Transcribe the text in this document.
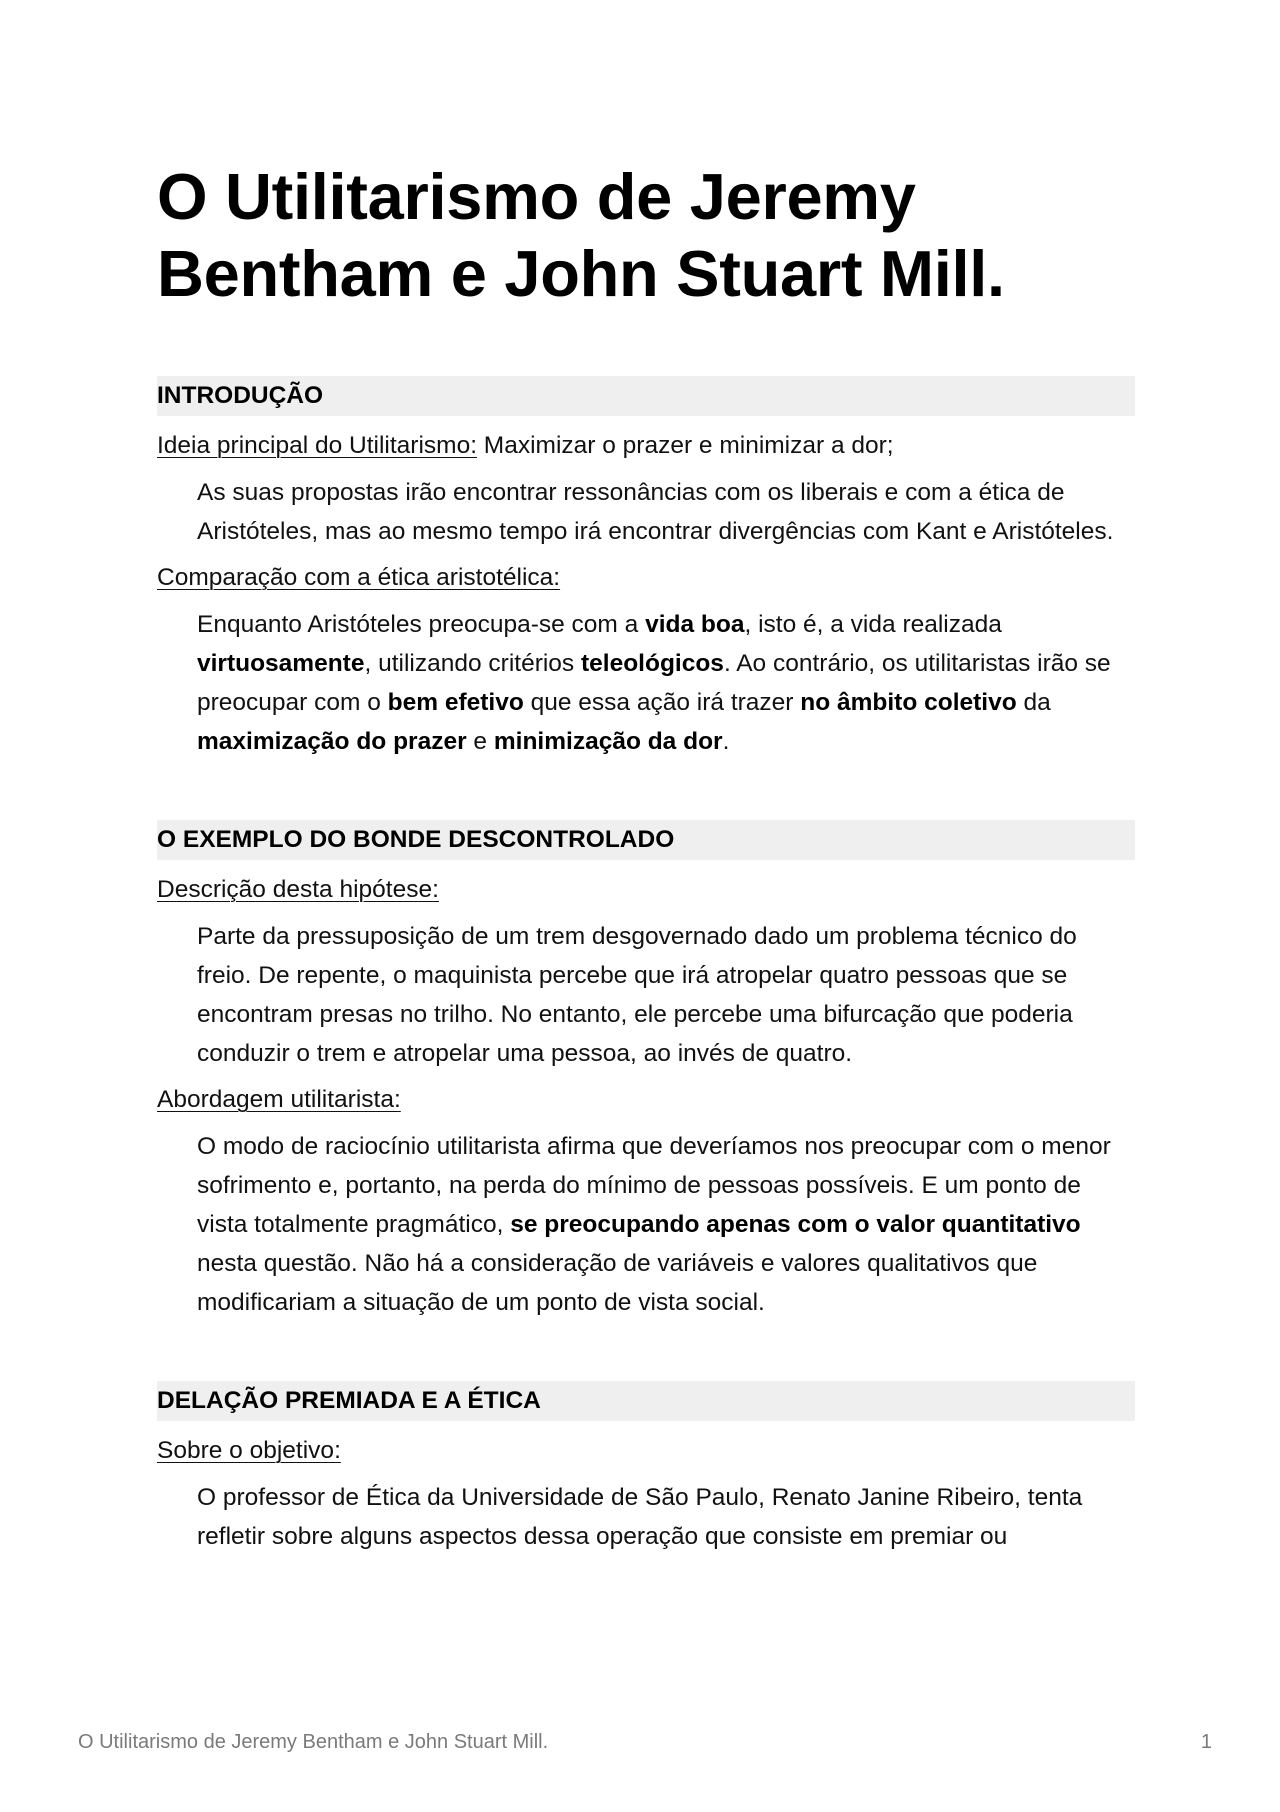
O Utilitarismo de Jeremy
Bentham e John Stuart Mill.
INTRODUÇÃO

Ideia principal do Utilitarismo: Maximizar o prazer e minimizar a dor;

As suas propostas irão encontrar ressonâncias com os liberais e com a ética de Aristóteles, mas ao mesmo tempo irá encontrar divergências com Kant e Aristóteles.

Comparação com a ética aristotélica:

Enquanto Aristóteles preocupa-se com a vida boa, isto é, a vida realizada virtuosamente, utilizando critérios teleológicos. Ao contrário, os utilitaristas irão se preocupar com o bem efetivo que essa ação irá trazer no âmbito coletivo da maximização do prazer e minimização da dor.

O EXEMPLO DO BONDE DESCONTROLADO

Descrição desta hipótese:

Parte da pressuposição de um trem desgovernado dado um problema técnico do freio. De repente, o maquinista percebe que irá atropelar quatro pessoas que se encontram presas no trilho. No entanto, ele percebe uma bifurcação que poderia conduzir o trem e atropelar uma pessoa, ao invés de quatro.

Abordagem utilitarista:

O modo de raciocínio utilitarista afirma que deveríamos nos preocupar com o menor sofrimento e, portanto, na perda do mínimo de pessoas possíveis. E um ponto de vista totalmente pragmático, se preocupando apenas com o valor quantitativo nesta questão. Não há a consideração de variáveis e valores qualitativos que modificariam a situação de um ponto de vista social.

DELAÇÃO PREMIADA E A ÉTICA

Sobre o objetivo:

O professor de Ética da Universidade de São Paulo, Renato Janine Ribeiro, tenta refletir sobre alguns aspectos dessa operação que consiste em premiar ou

O Utilitarismo de Jeremy Bentham e John Stuart Mill.	1
